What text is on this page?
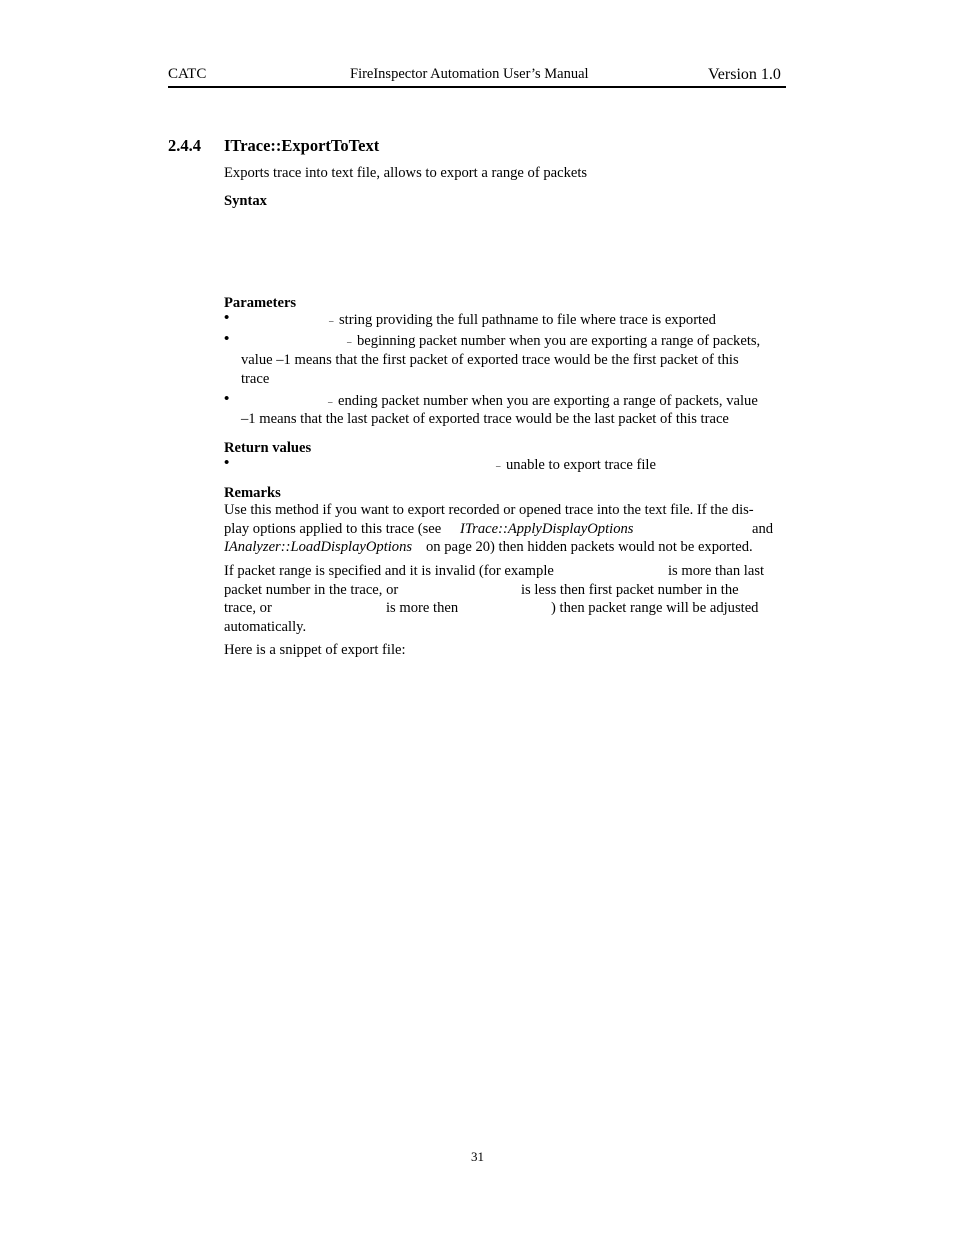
CATC	FireInspector Automation User’s Manual	Version 1.0
2.4.4 ITrace::ExportToText
Exports trace into text file, allows to export a range of packets
Syntax
Parameters
•	– string providing the full pathname to file where trace is exported
•	– beginning packet number when you are exporting a range of packets,
value –1 means that the first packet of exported trace would be the first packet of this
trace
•	– ending packet number when you are exporting a range of packets, value
–1 means that the last packet of exported trace would be the last packet of this trace
Return values
•	– unable to export trace file
Remarks
Use this method if you want to export recorded or opened trace into the text file. If the dis-
play options applied to this trace (see ITrace::ApplyDisplayOptions	and
IAnalyzer::LoadDisplayOptions on page 20) then hidden packets would not be exported.
If packet range is specified and it is invalid (for example	is more than last
packet number in the trace, or	is less then first packet number in the
trace, or	is more then	) then packet range will be adjusted
automatically.
Here is a snippet of export file:
31
